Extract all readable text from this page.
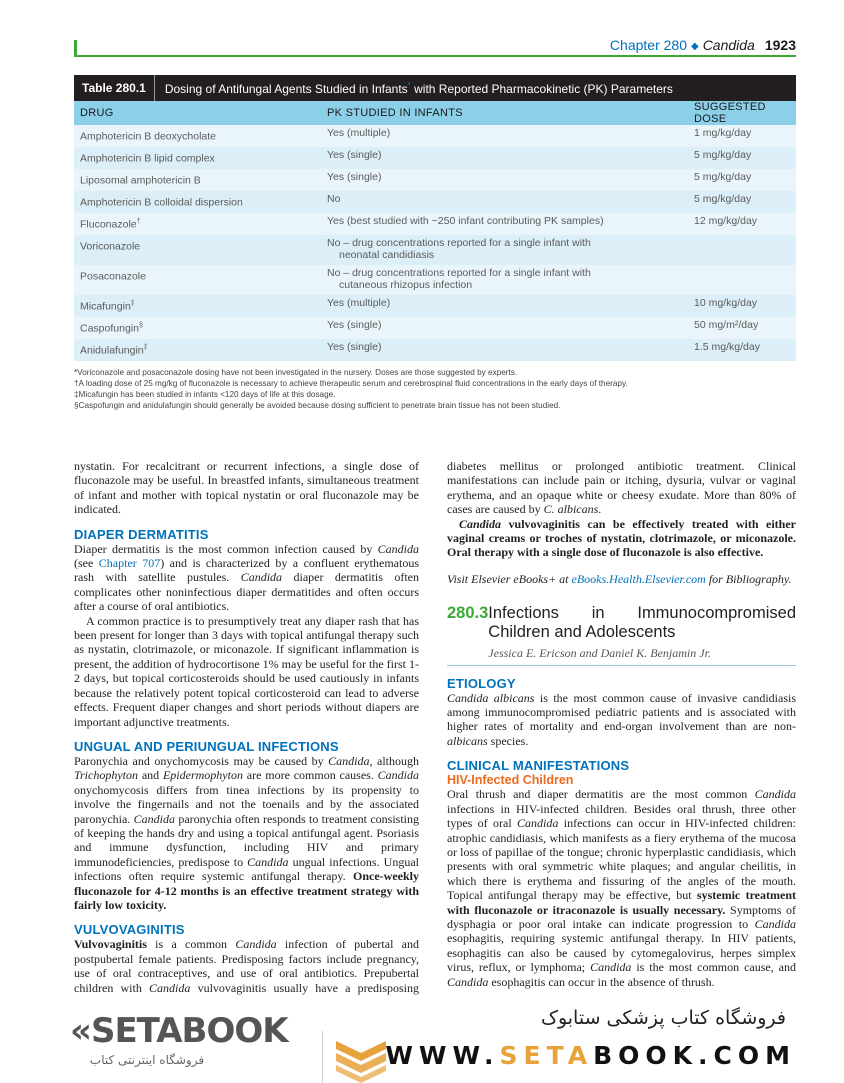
Chapter 280 ◆ Candida 1923
Table 280.1	Dosing of Antifungal Agents Studied in Infants* with Reported Pharmacokinetic (PK) Parameters
DRUG	PK STUDIED IN INFANTS	SUGGESTED DOSE
Amphotericin B deoxycholate	Yes (multiple)	1 mg/kg/day
Amphotericin B lipid complex	Yes (single)	5 mg/kg/day
Liposomal amphotericin B	Yes (single)	5 mg/kg/day
Amphotericin B colloidal dispersion	No	5 mg/kg/day
Fluconazole†	Yes (best studied with ~250 infant contributing PK samples)	12 mg/kg/day
Voriconazole	No – drug concentrations reported for a single infant with
neonatal candidiasis	

Posaconazole	No – drug concentrations reported for a single infant with
cutaneous rhizopus infection	

Micafungin‡	Yes (multiple)	10 mg/kg/day
Caspofungin§	Yes (single)	50 mg/m²/day
Anidulafungin‡	Yes (single)	1.5 mg/kg/day
*Voriconazole and posaconazole dosing have not been investigated in the nursery. Doses are those suggested by experts.
†A loading dose of 25 mg/kg of fluconazole is necessary to achieve therapeutic serum and cerebrospinal fluid concentrations in the early days of therapy.
‡Micafungin has been studied in infants <120 days of life at this dosage.
§Caspofungin and anidulafungin should generally be avoided because dosing sufficient to penetrate brain tissue has not been studied.

nystatin. For recalcitrant or recurrent infections, a single dose of fluconazole may be useful. In breastfed infants, simultaneous treatment of infant and mother with topical nystatin or oral fluconazole may be indicated.

DIAPER DERMATITIS

Diaper dermatitis is the most common infection caused by Candida (see Chapter 707) and is characterized by a confluent erythematous rash with satellite pustules. Candida diaper dermatitis often complicates other noninfectious diaper dermatitides and often occurs after a course of oral antibiotics.

A common practice is to presumptively treat any diaper rash that has been present for longer than 3 days with topical antifungal therapy such as nystatin, clotrimazole, or miconazole. If significant inflammation is present, the addition of hydrocortisone 1% may be useful for the first 1-2 days, but topical corticosteroids should be used cautiously in infants because the relatively potent topical corticosteroid can lead to adverse effects. Frequent diaper changes and short periods without diapers are important adjunctive treatments.

UNGUAL AND PERIUNGUAL INFECTIONS

Paronychia and onychomycosis may be caused by Candida, although Trichophyton and Epidermophyton are more common causes. Candida onychomycosis differs from tinea infections by its propensity to involve the fingernails and not the toenails and by the associated paronychia. Candida paronychia often responds to treatment consisting of keeping the hands dry and using a topical antifungal agent. Psoriasis and immune dysfunction, including HIV and primary immunodeficiencies, predispose to Candida ungual infections. Ungual infections often require systemic antifungal therapy. Once-weekly fluconazole for 4-12 months is an effective treatment strategy with fairly low toxicity.

VULVOVAGINITIS

Vulvovaginitis is a common Candida infection of pubertal and postpubertal female patients. Predisposing factors include pregnancy, use of oral contraceptives, and use of oral antibiotics. Prepubertal children with Candida vulvovaginitis usually have a predisposing

diabetes mellitus or prolonged antibiotic treatment. Clinical manifestations can include pain or itching, dysuria, vulvar or vaginal erythema, and an opaque white or cheesy exudate. More than 80% of cases are caused by C. albicans.

Candida vulvovaginitis can be effectively treated with either vaginal creams or troches of nystatin, clotrimazole, or miconazole. Oral therapy with a single dose of fluconazole is also effective.

Visit Elsevier eBooks+ at eBooks.Health.Elsevier.com for Bibliography.

280.3 Infections in Immunocompromised Children and Adolescents
Jessica E. Ericson and Daniel K. Benjamin Jr.
ETIOLOGY

Candida albicans is the most common cause of invasive candidiasis among immunocompromised pediatric patients and is associated with higher rates of mortality and end-organ involvement than are non-albicans species.

CLINICAL MANIFESTATIONS
HIV-Infected Children

Oral thrush and diaper dermatitis are the most common Candida infections in HIV-infected children. Besides oral thrush, three other types of oral Candida infections can occur in HIV-infected children: atrophic candidiasis, which manifests as a fiery erythema of the mucosa or loss of papillae of the tongue; chronic hyperplastic candidiasis, which presents with oral symmetric white plaques; and angular cheilitis, in which there is erythema and fissuring of the angles of the mouth. Topical antifungal therapy may be effective, but systemic treatment with fluconazole or itraconazole is usually necessary. Symptoms of dysphagia or poor oral intake can indicate progression to Candida esophagitis, requiring systemic antifungal therapy. In HIV patients, esophagitis can also be caused by cytomegalovirus, herpes simplex virus, reflux, or lymphoma; Candida is the most common cause, and Candida esophagitis can occur in the absence of thrush.

«SETABOOK
فروشگاه اینترنتی کتاب
فروشگاه کتاب پزشکی ستابوک
WWW.SETABOOK.COM
